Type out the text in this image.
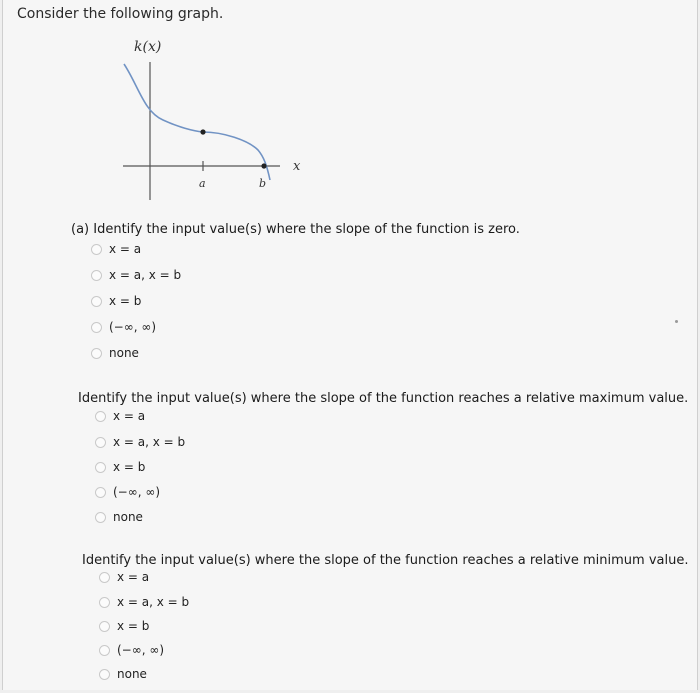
Consider the following graph.
k(x)
x
a	b
(a) Identify the input value(s) where the slope of the function is zero.
x = a
x = a, x = b
x = b
(−∞, ∞)
none
Identify the input value(s) where the slope of the function reaches a relative maximum value.
x = a
x = a, x = b
x = b
(−∞, ∞)
none
Identify the input value(s) where the slope of the function reaches a relative minimum value.
x = a
x = a, x = b
x = b
(−∞, ∞)
none
